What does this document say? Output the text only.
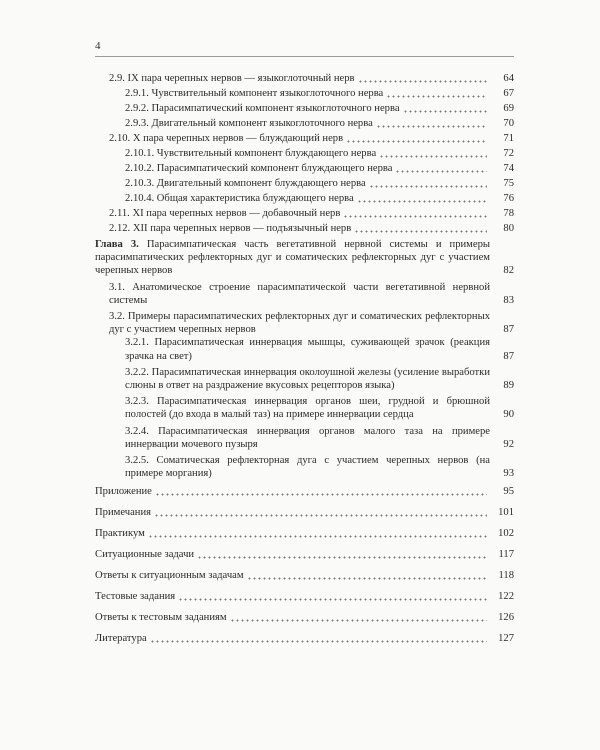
4
2.9. IX пара черепных нервов — языкоглоточный нерв	64
2.9.1. Чувствительный компонент языкоглоточного нерва	67
2.9.2. Парасимпатический компонент языкоглоточного нерва	69
2.9.3. Двигательный компонент языкоглоточного нерва	70
2.10. X пара черепных нервов — блуждающий нерв	71
2.10.1. Чувствительный компонент блуждающего нерва	72
2.10.2. Парасимпатический компонент блуждающего нерва	74
2.10.3. Двигательный компонент блуждающего нерва	75
2.10.4. Общая характеристика блуждающего нерва	76
2.11. XI пара черепных нервов — добавочный нерв	78
2.12. XII пара черепных нервов — подъязычный нерв	80
Глава 3. Парасимпатическая часть вегетативной нервной системы и примеры парасимпатических рефлекторных дуг и соматических рефлекторных дуг с участием черепных нервов	82
3.1. Анатомическое строение парасимпатической части вегетативной нервной системы	83
3.2. Примеры парасимпатических рефлекторных дуг и соматических рефлекторных дуг с участием черепных нервов	87
3.2.1. Парасимпатическая иннервация мышцы, суживающей зрачок (реакция зрачка на свет)	87
3.2.2. Парасимпатическая иннервация околоушной железы (усиление выработки слюны в ответ на раздражение вкусовых рецепторов языка)	89
3.2.3. Парасимпатическая иннервация органов шеи, грудной и брюшной полостей (до входа в малый таз) на примере иннервации сердца	90
3.2.4. Парасимпатическая иннервация органов малого таза на примере иннервации мочевого пузыря	92
3.2.5. Соматическая рефлекторная дуга с участием черепных нервов (на примере моргания)	93
Приложение	95
Примечания	101
Практикум	102
Ситуационные задачи	117
Ответы к ситуационным задачам	118
Тестовые задания	122
Ответы к тестовым заданиям	126
Литература	127
